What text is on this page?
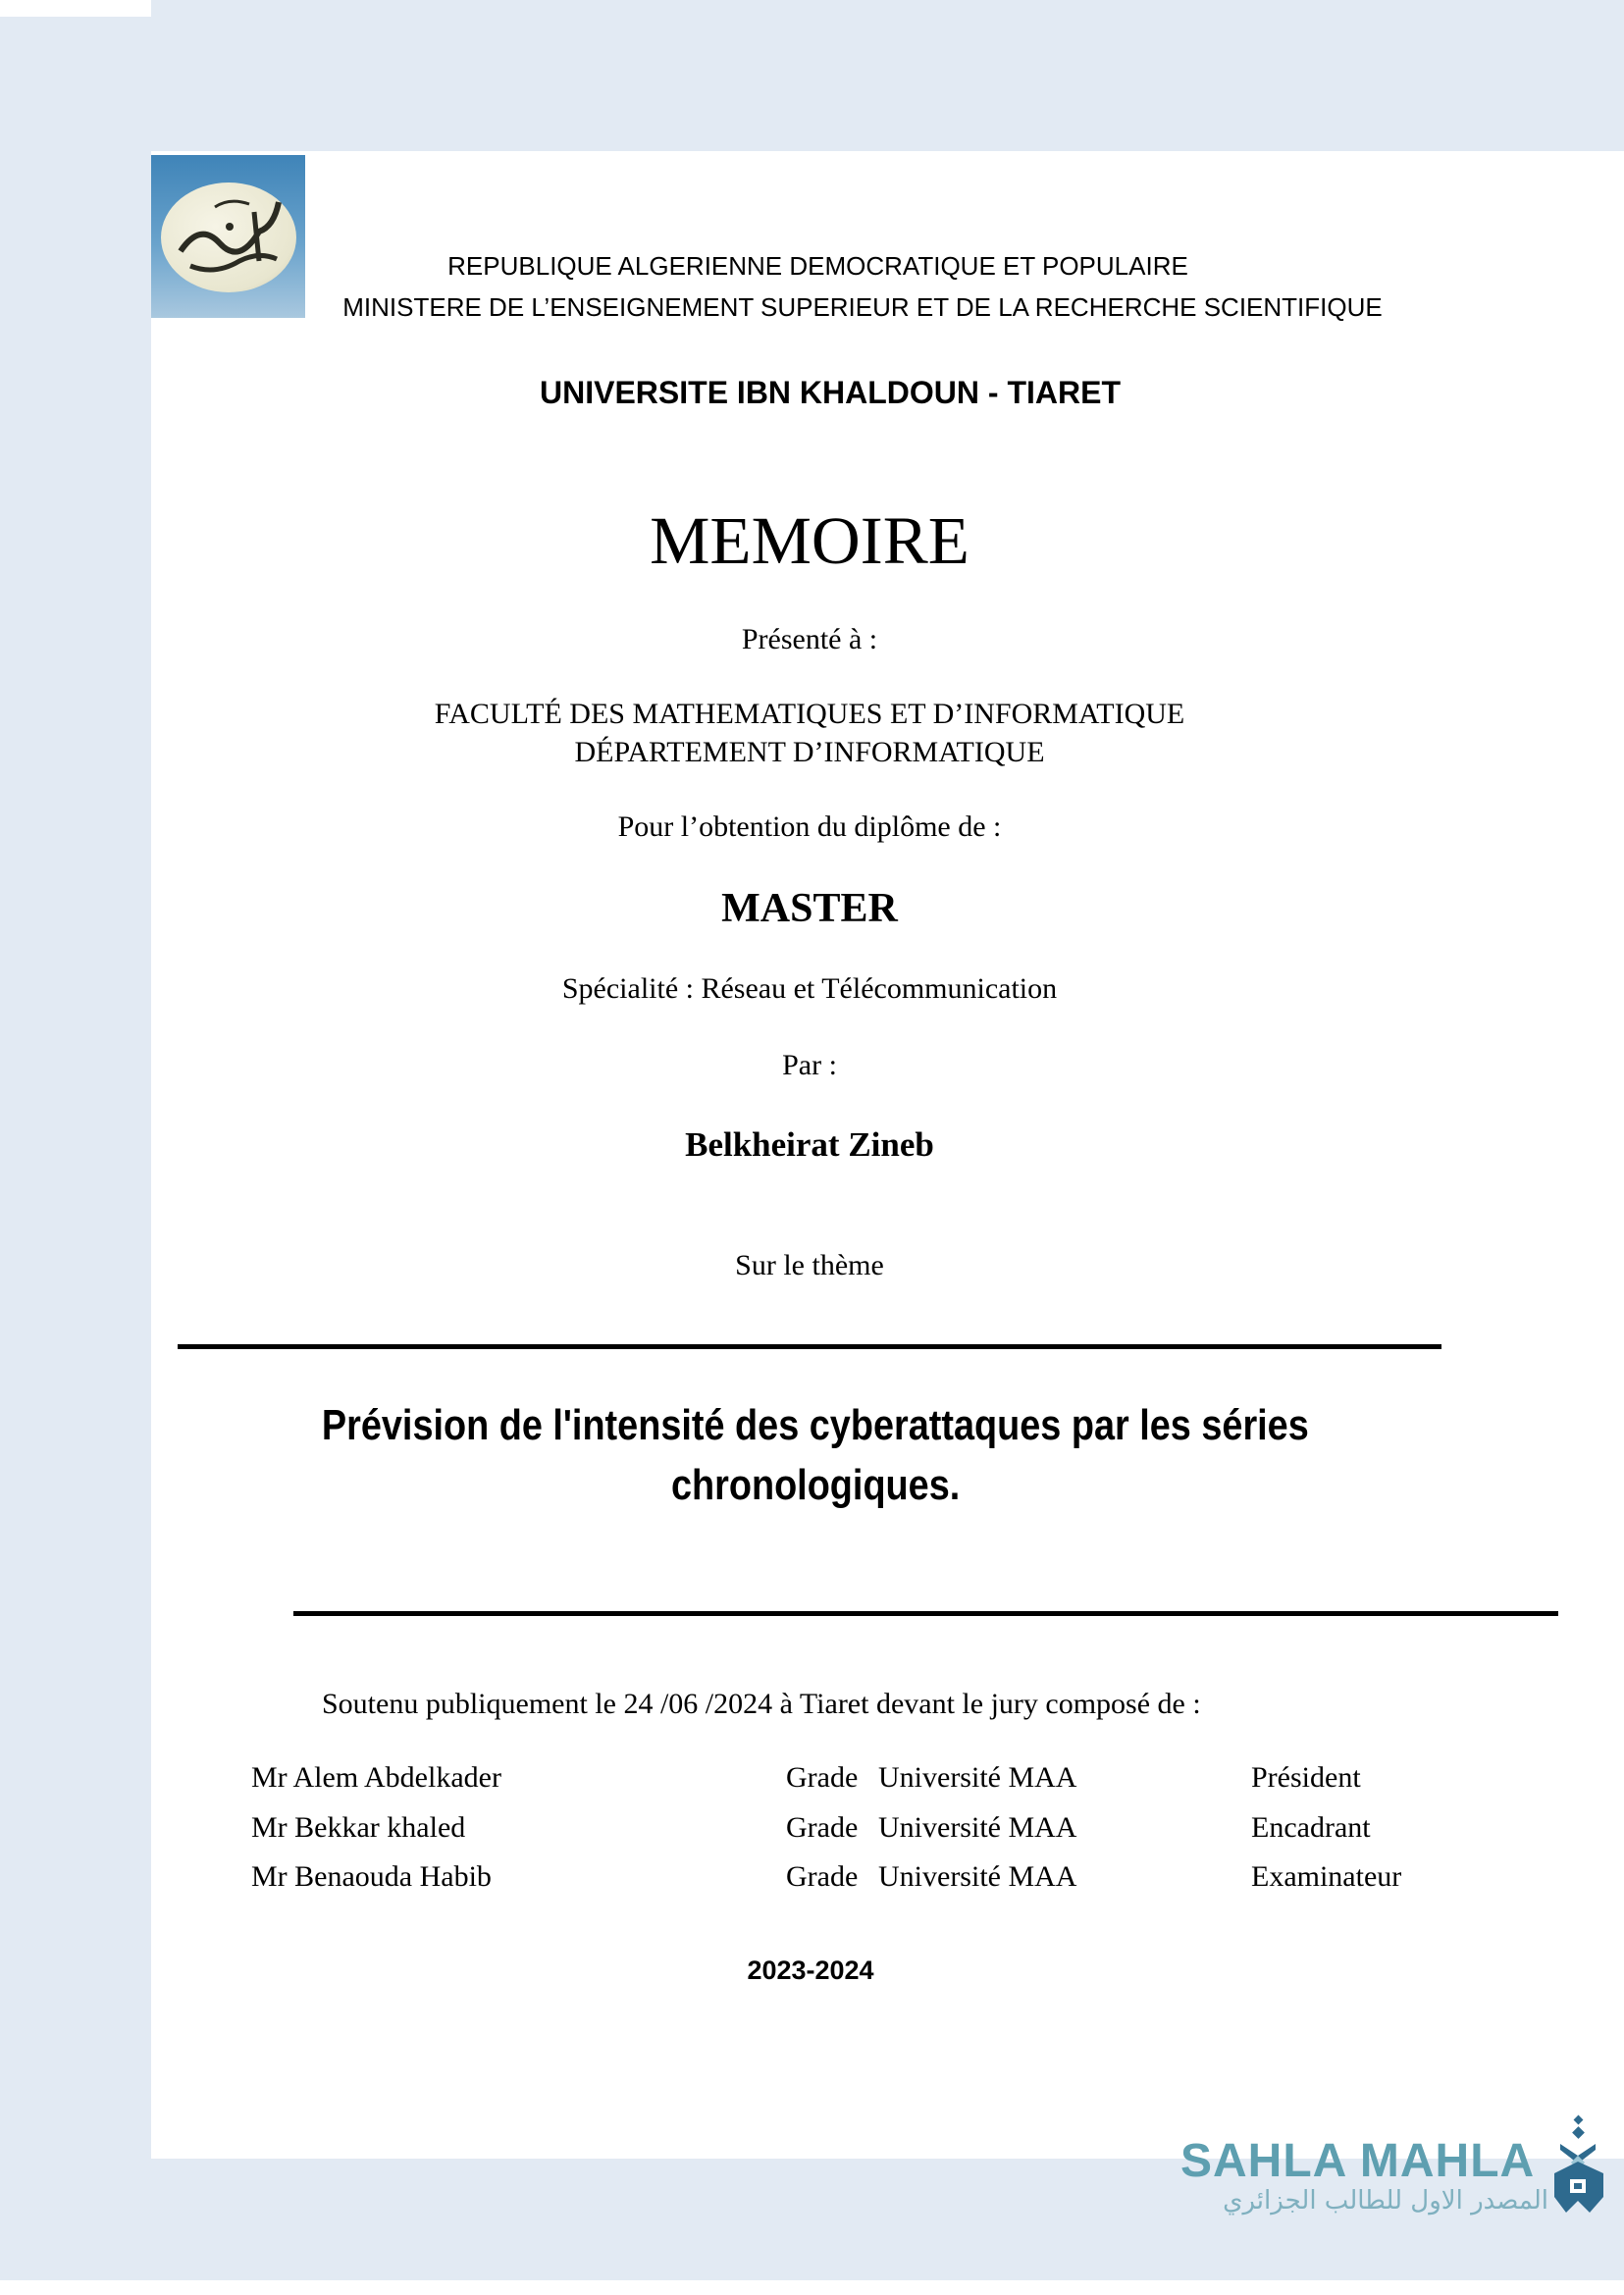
REPUBLIQUE ALGERIENNE DEMOCRATIQUE ET POPULAIRE
MINISTERE DE L’ENSEIGNEMENT SUPERIEUR ET DE LA RECHERCHE SCIENTIFIQUE
UNIVERSITE IBN KHALDOUN - TIARET
MEMOIRE
Présenté à :
FACULTÉ DES MATHEMATIQUES ET D’INFORMATIQUE
DÉPARTEMENT D’INFORMATIQUE
Pour l’obtention du diplôme de :
MASTER
Spécialité : Réseau et Télécommunication
Par :
Belkheirat Zineb
Sur le thème
Prévision de l'intensité des cyberattaques par les séries
chronologiques.
Soutenu publiquement le 24 /06 /2024 à Tiaret devant le jury composé de :
Mr Alem Abdelkader	Grade Université MAA	Président
Mr Bekkar khaled	Grade Université MAA	Encadrant
Mr Benaouda Habib	Grade Université MAA	Examinateur
2023-2024
SAHLA MAHLA
المصدر الاول للطالب الجزائري
